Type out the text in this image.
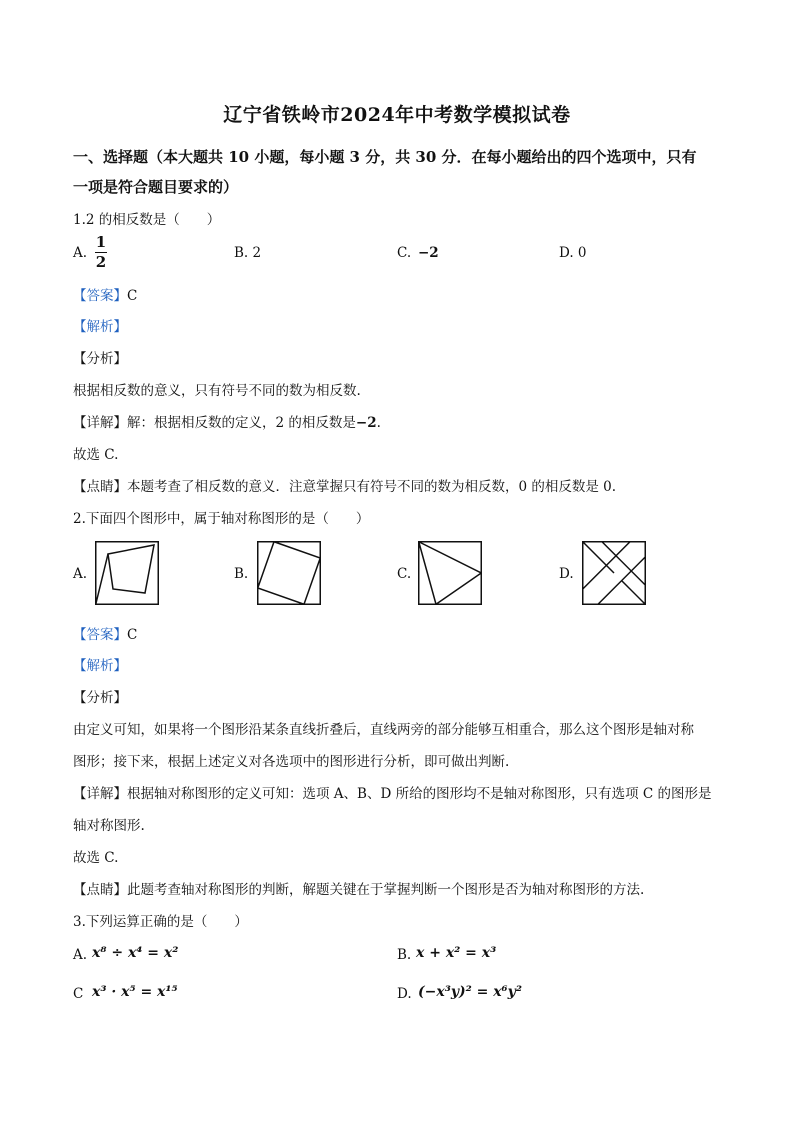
辽宁省铁岭市2024年中考数学模拟试卷
一、选择题（本大题共 10 小题，每小题 3 分，共 30 分．在每小题给出的四个选项中，只有
一项是符合题目要求的）
1.2 的相反数是（　　）
A.
1
2	B. 2	C. −2	D. 0
【答案】C
【解析】
【分析】
根据相反数的意义，只有符号不同的数为相反数.
【详解】解：根据相反数的定义，2 的相反数是−2.
故选 C.
【点睛】本题考查了相反数的意义．注意掌握只有符号不同的数为相反数，0 的相反数是 0.
2.下面四个图形中，属于轴对称图形的是（　　）
A.	B.	C.	D.
【答案】C
【解析】
【分析】
由定义可知，如果将一个图形沿某条直线折叠后，直线两旁的部分能够互相重合，那么这个图形是轴对称
图形；接下来，根据上述定义对各选项中的图形进行分析，即可做出判断.
【详解】根据轴对称图形的定义可知：选项 A、B、D 所给的图形均不是轴对称图形，只有选项 C 的图形是
轴对称图形.
故选 C.
【点睛】此题考查轴对称图形的判断，解题关键在于掌握判断一个图形是否为轴对称图形的方法.
3.下列运算正确的是（　　）
A. x⁸ ÷ x⁴ = x²	B. x + x² = x³
C x³ · x⁵ = x¹⁵	D. (−x³y)² = x⁶y²
